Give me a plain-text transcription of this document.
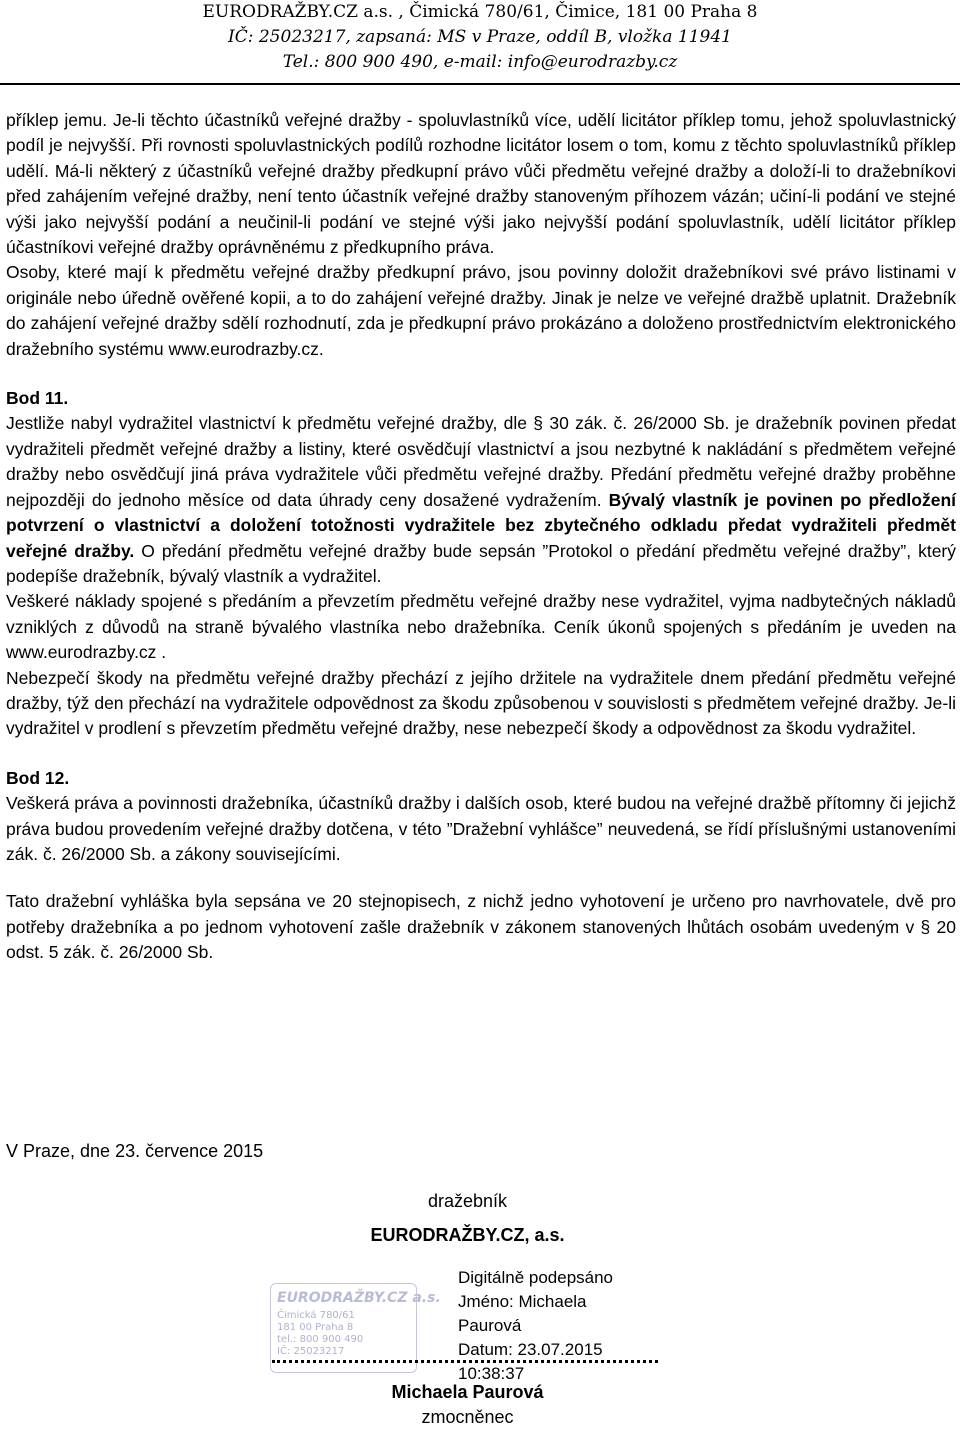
EURODRAŽBY.CZ a.s. , Čimická 780/61, Čimice, 181 00 Praha 8
IČ: 25023217, zapsaná: MS v Praze, oddíl B, vložka 11941
Tel.: 800 900 490, e-mail: info@eurodrazby.cz

příklep jemu. Je-li těchto účastníků veřejné dražby - spoluvlastníků více, udělí licitátor příklep tomu, jehož spoluvlastnický podíl je nejvyšší. Při rovnosti spoluvlastnických podílů rozhodne licitátor losem o tom, komu z těchto spoluvlastníků příklep udělí. Má-li některý z účastníků veřejné dražby předkupní právo vůči předmětu veřejné dražby a doloží-li to dražebníkovi před zahájením veřejné dražby, není tento účastník veřejné dražby stanoveným příhozem vázán; učiní-li podání ve stejné výši jako nejvyšší podání a neučinil-li podání ve stejné výši jako nejvyšší podání spoluvlastník, udělí licitátor příklep účastníkovi veřejné dražby oprávněnému z předkupního práva.

Osoby, které mají k předmětu veřejné dražby předkupní právo, jsou povinny doložit dražebníkovi své právo listinami v originále nebo úředně ověřené kopii, a to do zahájení veřejné dražby. Jinak je nelze ve veřejné dražbě uplatnit. Dražebník do zahájení veřejné dražby sdělí rozhodnutí, zda je předkupní právo prokázáno a doloženo prostřednictvím elektronického dražebního systému www.eurodrazby.cz.

Bod 11.

Jestliže nabyl vydražitel vlastnictví k předmětu veřejné dražby, dle § 30 zák. č. 26/2000 Sb. je dražebník povinen předat vydražiteli předmět veřejné dražby a listiny, které osvědčují vlastnictví a jsou nezbytné k nakládání s předmětem veřejné dražby nebo osvědčují jiná práva vydražitele vůči předmětu veřejné dražby. Předání předmětu veřejné dražby proběhne nejpozději do jednoho měsíce od data úhrady ceny dosažené vydražením. Bývalý vlastník je povinen po předložení potvrzení o vlastnictví a doložení totožnosti vydražitele bez zbytečného odkladu předat vydražiteli předmět veřejné dražby. O předání předmětu veřejné dražby bude sepsán ”Protokol o předání předmětu veřejné dražby”, který podepíše dražebník, bývalý vlastník a vydražitel.

Veškeré náklady spojené s předáním a převzetím předmětu veřejné dražby nese vydražitel, vyjma nadbytečných nákladů vzniklých z důvodů na straně bývalého vlastníka nebo dražebníka. Ceník úkonů spojených s předáním je uveden na www.eurodrazby.cz .

Nebezpečí škody na předmětu veřejné dražby přechází z jejího držitele na vydražitele dnem předání předmětu veřejné dražby, týž den přechází na vydražitele odpovědnost za škodu způsobenou v souvislosti s předmětem veřejné dražby. Je-li vydražitel v prodlení s převzetím předmětu veřejné dražby, nese nebezpečí škody a odpovědnost za škodu vydražitel.

Bod 12.

Veškerá práva a povinnosti dražebníka, účastníků dražby i dalších osob, které budou na veřejné dražbě přítomny či jejichž práva budou provedením veřejné dražby dotčena, v této ”Dražební vyhlášce” neuvedená, se řídí příslušnými ustanoveními zák. č. 26/2000 Sb. a zákony souvisejícími.

Tato dražební vyhláška byla sepsána ve 20 stejnopisech, z nichž jedno vyhotovení je určeno pro navrhovatele, dvě pro potřeby dražebníka a po jednom vyhotovení zašle dražebník v zákonem stanovených lhůtách osobám uvedeným v § 20 odst. 5 zák. č. 26/2000 Sb.

V Praze, dne 23. července 2015
dražebník
EURODRAŽBY.CZ, a.s.
EURODRAŽBY.CZ a.s.
Čimická 780/61
181 00 Praha 8
tel.: 800 900 490
IČ: 25023217
Digitálně podepsáno
Jméno: Michaela
Paurová
Datum: 23.07.2015
10:38:37
Michaela Paurová
zmocněnec
